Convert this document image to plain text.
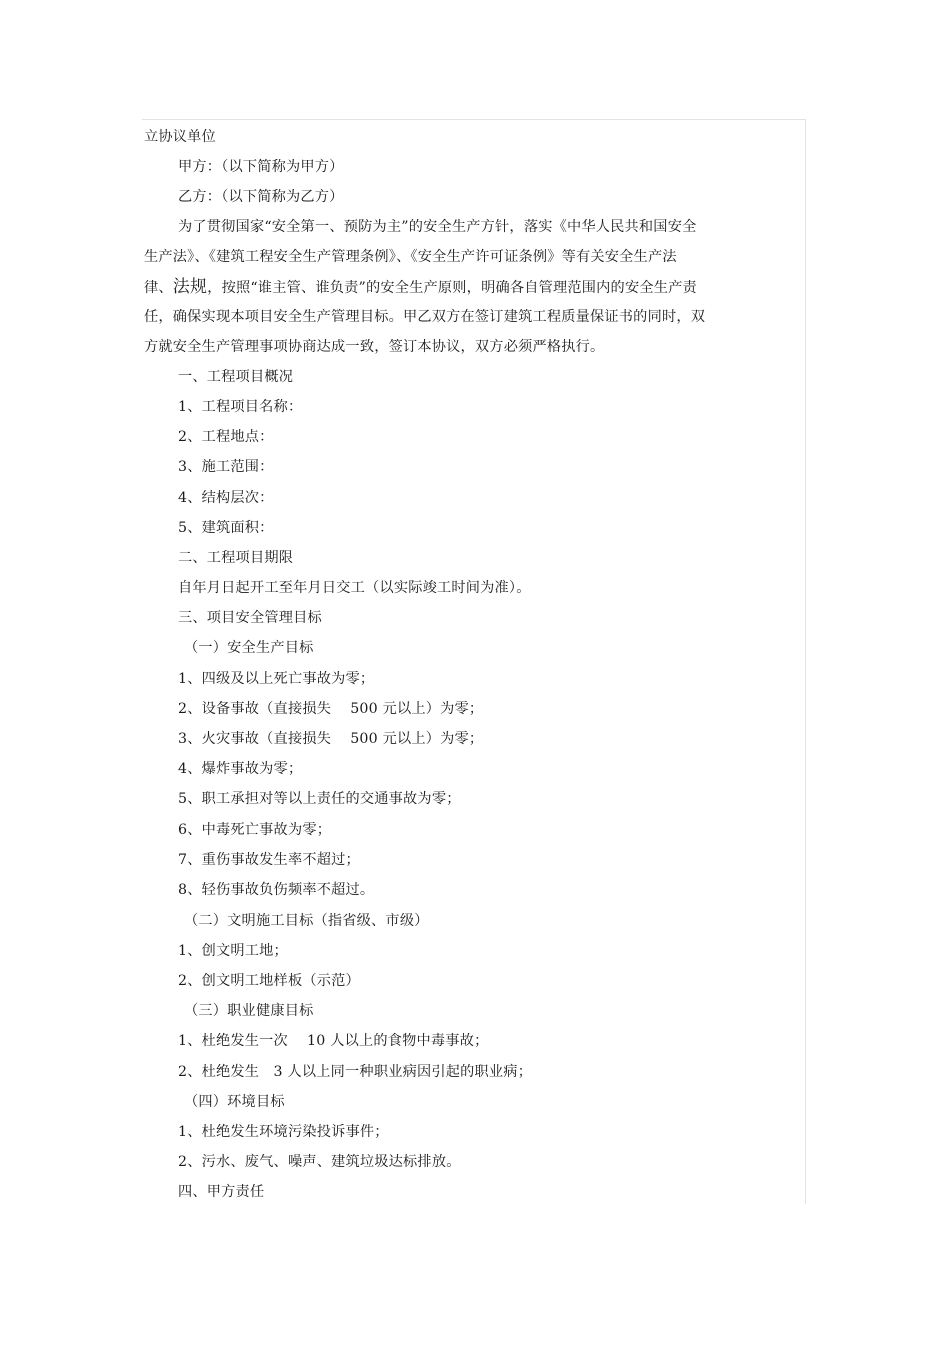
立协议单位
甲方：（以下简称为甲方）
乙方：（以下简称为乙方）
为了贯彻国家“安全第一、预防为主”的安全生产方针，落实《中华人民共和国安全
生产法》、《建筑工程安全生产管理条例》、《安全生产许可证条例》等有关安全生产法
律、法规，按照“谁主管、谁负责”的安全生产原则，明确各自管理范围内的安全生产责
任，确保实现本项目安全生产管理目标。甲乙双方在签订建筑工程质量保证书的同时，双
方就安全生产管理事项协商达成一致，签订本协议，双方必须严格执行。
一、工程项目概况
1、工程项目名称：
2、工程地点：
3、施工范围：
4、结构层次：
5、建筑面积：
二、工程项目期限
自年月日起开工至年月日交工（以实际竣工时间为准）。
三、项目安全管理目标
（一）安全生产目标
1、四级及以上死亡事故为零；
2、设备事故（直接损失　 500 元以上）为零；
3、火灾事故（直接损失　 500 元以上）为零；
4、爆炸事故为零；
5、职工承担对等以上责任的交通事故为零；
6、中毒死亡事故为零；
7、重伤事故发生率不超过；
8、轻伤事故负伤频率不超过。
（二）文明施工目标（指省级、市级）
1、创文明工地；
2、创文明工地样板（示范）
（三）职业健康目标
1、杜绝发生一次　 10 人以上的食物中毒事故；
2、杜绝发生　3 人以上同一种职业病因引起的职业病；
（四）环境目标
1、杜绝发生环境污染投诉事件；
2、污水、废气、噪声、建筑垃圾达标排放。
四、甲方责任
